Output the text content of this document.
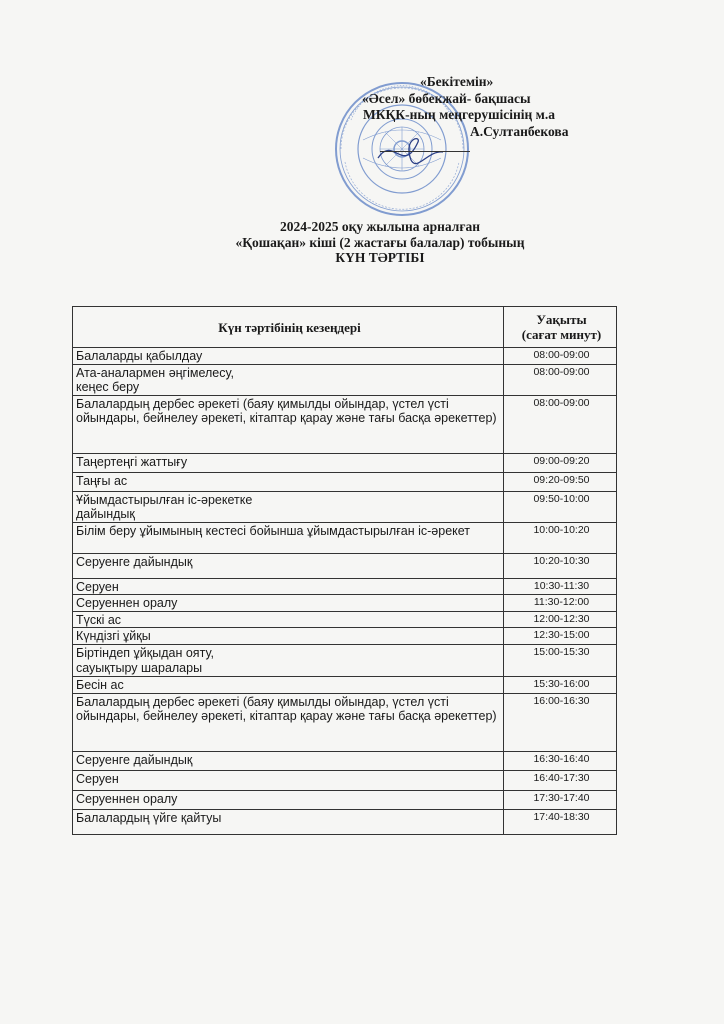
«Бекітемін»
«Әсел» бөбекжай- бақшасы
МКҚК-ның меңгерушісінің м.а
А.Султанбекова
2024-2025 оқу жылына арналған
«Қошақан» кіші (2 жастағы балалар) тобының
КҮН ТӘРТІБІ
Күн тәртібінің кезеңдері	Уақыты
(сағат минут)

Балаларды қабылдау	08:00-09:00
Ата-аналармен әңгімелесу,
кеңес беру	08:00-09:00
Балалардың дербес әрекеті (баяу қимылды ойындар, үстел үсті ойындары, бейнелеу әрекеті, кітаптар қарау және тағы басқа әрекеттер)	08:00-09:00
Таңертеңгі жаттығу	09:00-09:20
Таңғы ас	09:20-09:50
Ұйымдастырылған іс-әрекетке
дайындық	09:50-10:00
Білім беру ұйымының кестесі бойынша ұйымдастырылған іс-әрекет	10:00-10:20
Серуенге дайындық	10:20-10:30
Серуен	10:30-11:30
Серуеннен оралу	11:30-12:00
Түскі ас	12:00-12:30
Күндізгі ұйқы	12:30-15:00
Біртіндеп ұйқыдан ояту,
сауықтыру шаралары	15:00-15:30
Бесін ас	15:30-16:00
Балалардың дербес әрекеті (баяу қимылды ойындар, үстел үсті ойындары, бейнелеу әрекеті, кітаптар қарау және тағы басқа әрекеттер)	16:00-16:30
Серуенге дайындық	16:30-16:40
Серуен	16:40-17:30
Серуеннен оралу	17:30-17:40
Балалардың үйге қайтуы	17:40-18:30
